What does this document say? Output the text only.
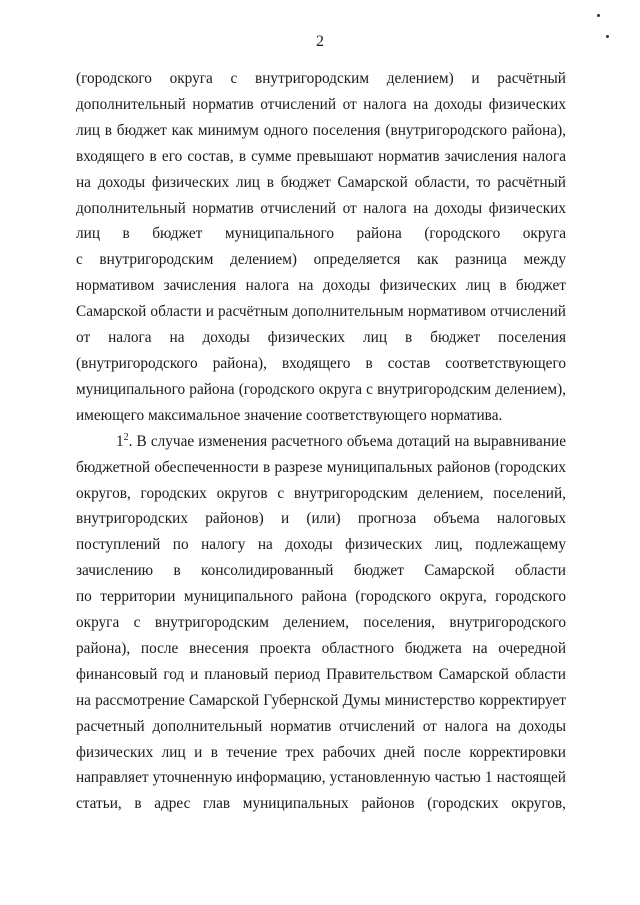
2

(городского округа с внутригородским делением) и расчётный
дополнительный норматив отчислений от налога на доходы физических
лиц в бюджет как минимум одного поселения (внутригородского района),
входящего в его состав, в сумме превышают норматив зачисления налога
на доходы физических лиц в бюджет Самарской области, то расчётный
дополнительный норматив отчислений от налога на доходы физических
лиц в бюджет муниципального района (городского округа
с внутригородским делением) определяется как разница между
нормативом зачисления налога на доходы физических лиц в бюджет
Самарской области и расчётным дополнительным нормативом отчислений
от налога на доходы физических лиц в бюджет поселения
(внутригородского района), входящего в состав соответствующего
муниципального района (городского округа с внутригородским делением),
имеющего максимальное значение соответствующего норматива.

$1^2$. В случае изменения расчетного объема дотаций на выравнивание
бюджетной обеспеченности в разрезе муниципальных районов (городских
округов, городских округов с внутригородским делением, поселений,
внутригородских районов) и (или) прогноза объема налоговых
поступлений по налогу на доходы физических лиц, подлежащему
зачислению в консолидированный бюджет Самарской области
по территории муниципального района (городского округа, городского
округа с внутригородским делением, поселения, внутригородского
района), после внесения проекта областного бюджета на очередной
финансовый год и плановый период Правительством Самарской области
на рассмотрение Самарской Губернской Думы министерство корректирует
расчетный дополнительный норматив отчислений от налога на доходы
физических лиц и в течение трех рабочих дней после корректировки
направляет уточненную информацию, установленную частью 1 настоящей
статьи, в адрес глав муниципальных районов (городских округов,
